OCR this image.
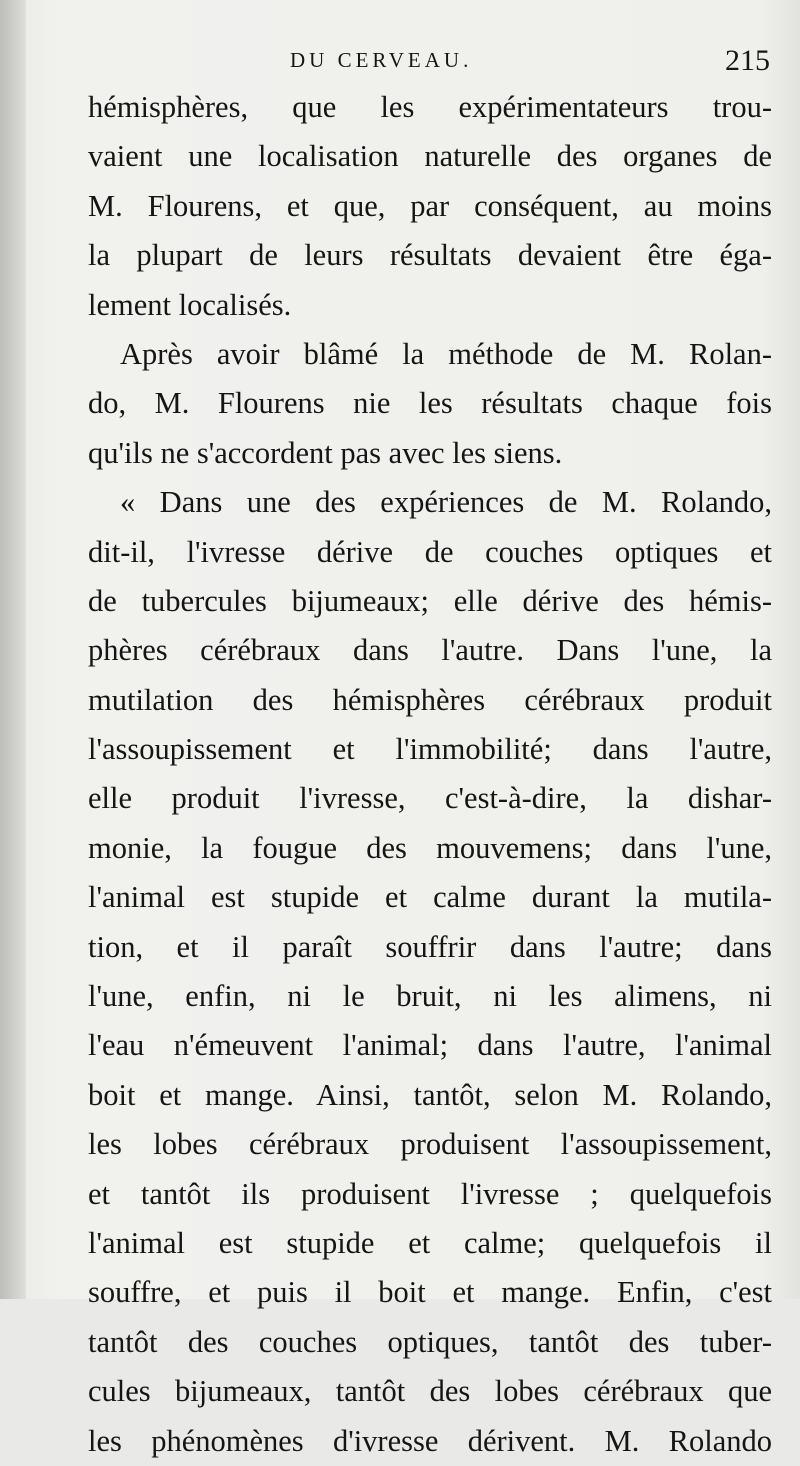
DU CERVEAU.	215
hémisphères, que les expérimentateurs trou-
vaient une localisation naturelle des organes de
M. Flourens, et que, par conséquent, au moins
la plupart de leurs résultats devaient être éga-
lement localisés.
Après avoir blâmé la méthode de M. Rolan-
do, M. Flourens nie les résultats chaque fois
qu'ils ne s'accordent pas avec les siens.
« Dans une des expériences de M. Rolando,
dit-il, l'ivresse dérive de couches optiques et
de tubercules bijumeaux; elle dérive des hémis-
phères cérébraux dans l'autre. Dans l'une, la
mutilation des hémisphères cérébraux produit
l'assoupissement et l'immobilité; dans l'autre,
elle produit l'ivresse, c'est-à-dire, la dishar-
monie, la fougue des mouvemens; dans l'une,
l'animal est stupide et calme durant la mutila-
tion, et il paraît souffrir dans l'autre; dans
l'une, enfin, ni le bruit, ni les alimens, ni
l'eau n'émeuvent l'animal; dans l'autre, l'animal
boit et mange. Ainsi, tantôt, selon M. Rolando,
les lobes cérébraux produisent l'assoupissement,
et tantôt ils produisent l'ivresse ; quelquefois
l'animal est stupide et calme; quelquefois il
souffre, et puis il boit et mange. Enfin, c'est
tantôt des couches optiques, tantôt des tuber-
cules bijumeaux, tantôt des lobes cérébraux que
les phénomènes d'ivresse dérivent. M. Rolando
